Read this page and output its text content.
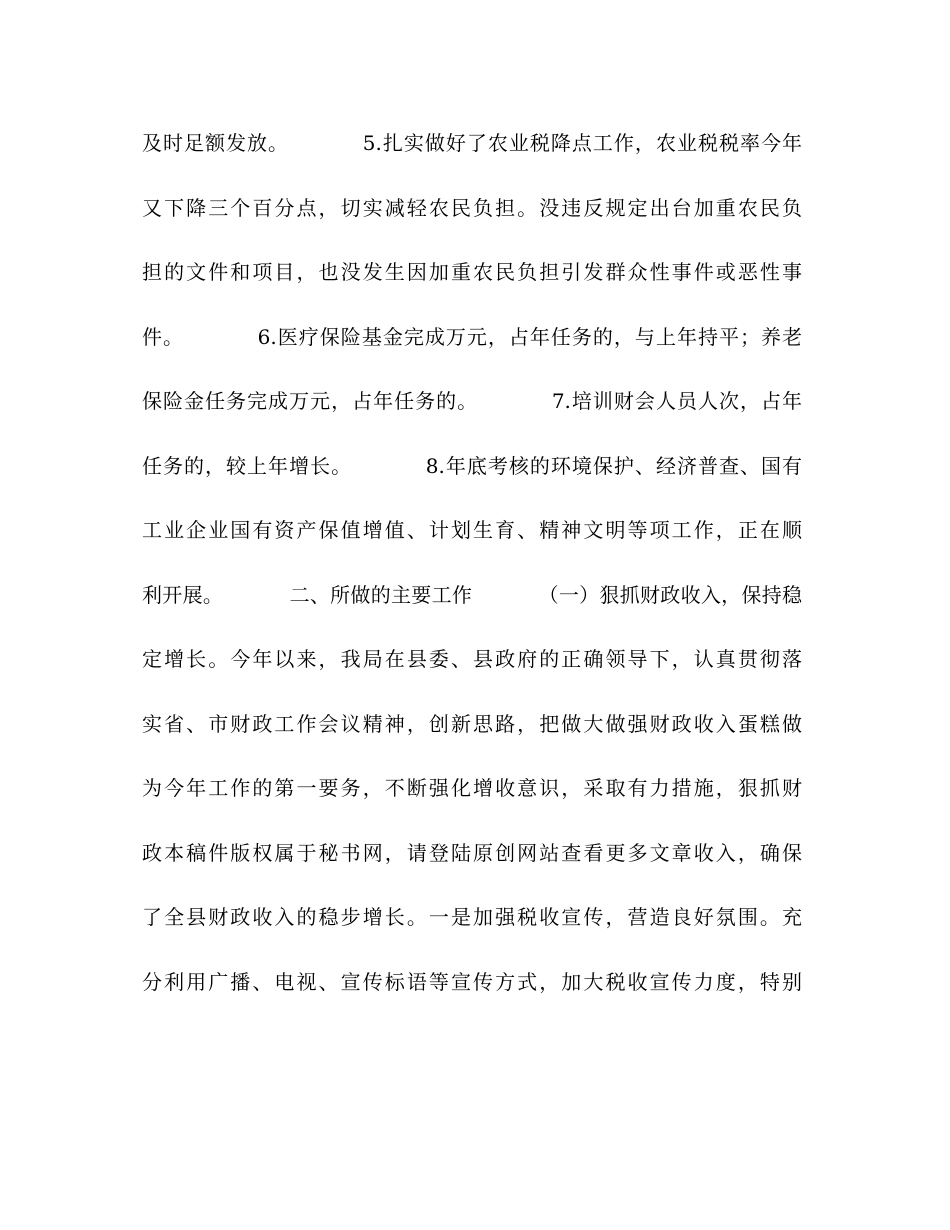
及时足额发放。          5.扎实做好了农业税降点工作，农业税税率今年
又下降三个百分点，切实减轻农民负担。没违反规定出台加重农民负
担的文件和项目，也没发生因加重农民负担引发群众性事件或恶性事
件。          6.医疗保险基金完成万元，占年任务的，与上年持平；养老
保险金任务完成万元，占年任务的。          7.培训财会人员人次，占年
任务的，较上年增长。          8.年底考核的环境保护、经济普查、国有
工业企业国有资产保值增值、计划生育、精神文明等项工作，正在顺
利开展。          二、所做的主要工作          （一）狠抓财政收入，保持稳
定增长。今年以来，我局在县委、县政府的正确领导下，认真贯彻落
实省、市财政工作会议精神，创新思路，把做大做强财政收入蛋糕做
为今年工作的第一要务，不断强化增收意识，采取有力措施，狠抓财
政本稿件版权属于秘书网，请登陆原创网站查看更多文章收入，确保
了全县财政收入的稳步增长。一是加强税收宣传，营造良好氛围。充
分利用广播、电视、宣传标语等宣传方式，加大税收宣传力度，特别
